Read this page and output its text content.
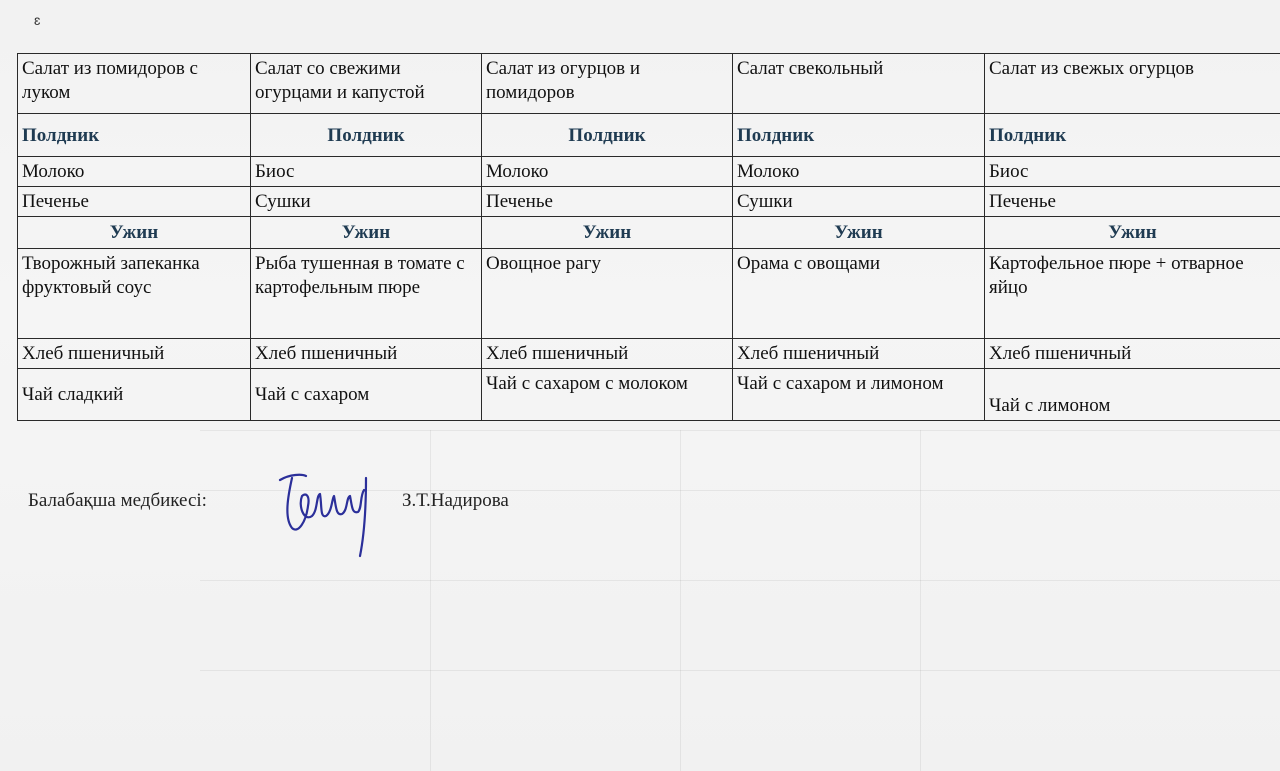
ɛ
Салат из помидоров с луком	Салат со свежими огурцами и капустой	Салат из огурцов и помидоров	Салат свекольный	Салат из свежых огурцов
Полдник	Полдник	Полдник	Полдник	Полдник
Молоко	Биос	Молоко	Молоко	Биос
Печенье	Сушки	Печенье	Сушки	Печенье
Ужин	Ужин	Ужин	Ужин	Ужин
Творожный запеканка фруктовый соус	Рыба тушенная в томате с картофельным пюре	Овощное рагу	Орама с овощами	Картофельное пюре + отварное яйцо
Хлеб пшеничный	Хлеб пшеничный	Хлеб пшеничный	Хлеб пшеничный	Хлеб пшеничный
Чай сладкий	Чай с сахаром	Чай с сахаром с молоком	Чай с сахаром и лимоном	Чай с лимоном
Балабақша медбикесі:	З.Т.Надирова
